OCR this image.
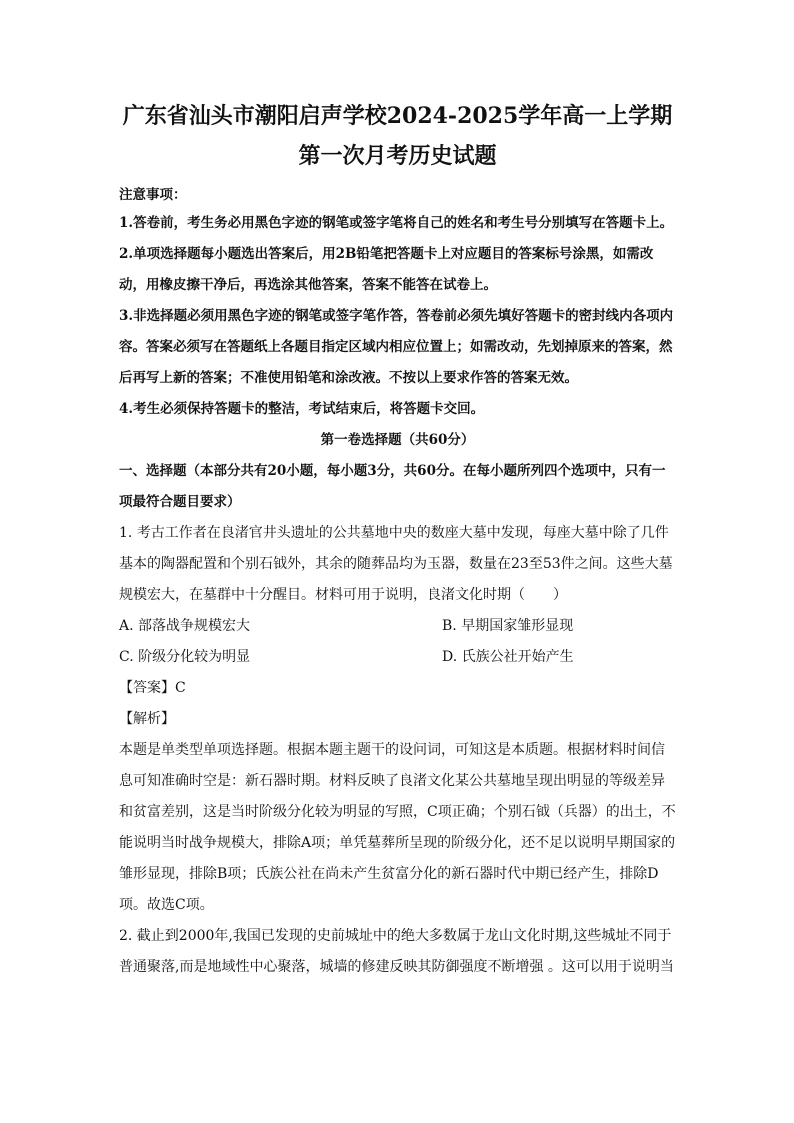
广东省汕头市潮阳启声学校2024-2025学年高一上学期
第一次月考历史试题
注意事项：

1.答卷前，考生务必用黑色字迹的钢笔或签字笔将自己的姓名和考生号分别填写在答题卡上。

2.单项选择题每小题选出答案后，用2B铅笔把答题卡上对应题目的答案标号涂黑，如需改动，用橡皮擦干净后，再选涂其他答案，答案不能答在试卷上。

3.非选择题必须用黑色字迹的钢笔或签字笔作答，答卷前必须先填好答题卡的密封线内各项内容。答案必须写在答题纸上各题目指定区域内相应位置上；如需改动，先划掉原来的答案，然后再写上新的答案；不准使用铅笔和涂改液。不按以上要求作答的答案无效。

4.考生必须保持答题卡的整洁，考试结束后，将答题卡交回。

第一卷选择题（共60分）
一、选择题（本部分共有20小题，每小题3分，共60分。在每小题所列四个选项中，只有一项最符合题目要求）

1. 考古工作者在良渚官井头遗址的公共墓地中央的数座大墓中发现，每座大墓中除了几件基本的陶器配置和个别石钺外，其余的随葬品均为玉器，数量在23至53件之间。这些大墓规模宏大，在墓群中十分醒目。材料可用于说明，良渚文化时期（　　）

A. 部落战争规模宏大	B. 早期国家雏形显现
C. 阶级分化较为明显	D. 氏族公社开始产生
【答案】C
【解析】

本题是单类型单项选择题。根据本题主题干的设问词，可知这是本质题。根据材料时间信息可知准确时空是：新石器时期。材料反映了良渚文化某公共墓地呈现出明显的等级差异和贫富差别，这是当时阶级分化较为明显的写照，C项正确；个别石钺（兵器）的出土，不能说明当时战争规模大，排除A项；单凭墓葬所呈现的阶级分化，还不足以说明早期国家的雏形显现，排除B项；氏族公社在尚未产生贫富分化的新石器时代中期已经产生，排除D项。故选C项。

2. 截止到2000年,我国已发现的史前城址中的绝大多数属于龙山文化时期,这些城址不同于普通聚落,而是地域性中心聚落，城墙的修建反映其防御强度不断增强 。这可以用于说明当
